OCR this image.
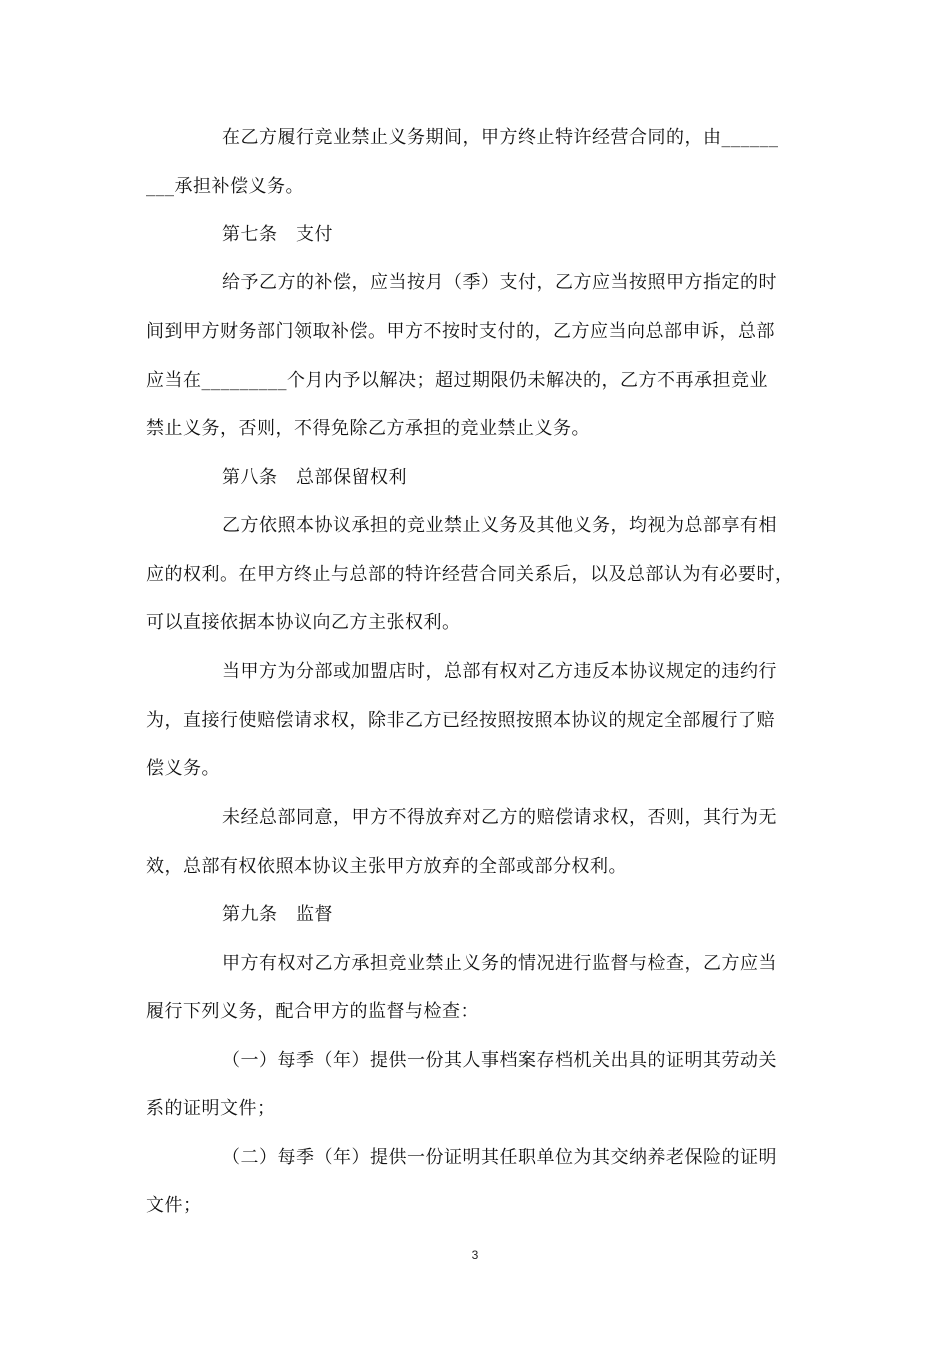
在乙方履行竞业禁止义务期间，甲方终止特许经营合同的，由______
___承担补偿义务。
第七条　支付
给予乙方的补偿，应当按月（季）支付，乙方应当按照甲方指定的时
间到甲方财务部门领取补偿。甲方不按时支付的，乙方应当向总部申诉，总部
应当在_________个月内予以解决；超过期限仍未解决的，乙方不再承担竞业
禁止义务，否则，不得免除乙方承担的竞业禁止义务。
第八条　总部保留权利
乙方依照本协议承担的竞业禁止义务及其他义务，均视为总部享有相
应的权利。在甲方终止与总部的特许经营合同关系后，以及总部认为有必要时，
可以直接依据本协议向乙方主张权利。
当甲方为分部或加盟店时，总部有权对乙方违反本协议规定的违约行
为，直接行使赔偿请求权，除非乙方已经按照按照本协议的规定全部履行了赔
偿义务。
未经总部同意，甲方不得放弃对乙方的赔偿请求权，否则，其行为无
效，总部有权依照本协议主张甲方放弃的全部或部分权利。
第九条　监督
甲方有权对乙方承担竞业禁止义务的情况进行监督与检查，乙方应当
履行下列义务，配合甲方的监督与检查：
（一）每季（年）提供一份其人事档案存档机关出具的证明其劳动关
系的证明文件；
（二）每季（年）提供一份证明其任职单位为其交纳养老保险的证明
文件；
3
